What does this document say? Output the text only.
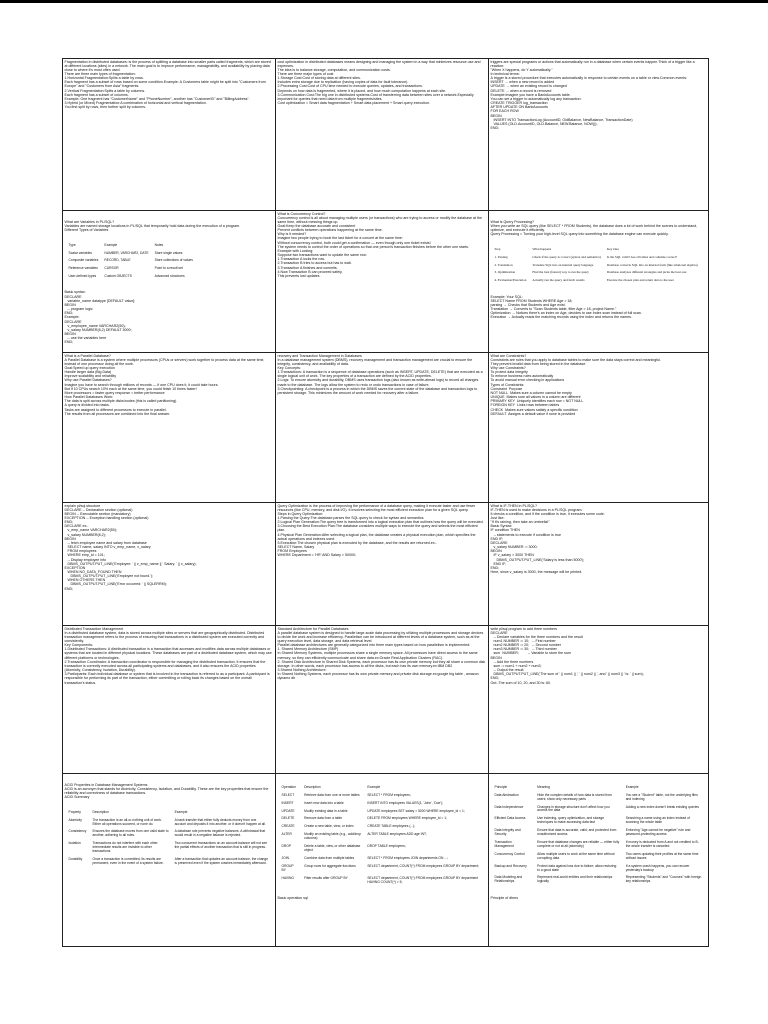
Fragmentation in distributed databases: is the process of splitting a database into smaller parts called fragments, which are stored at different locations (sites) in a network. The main goal is to improve performance, manageability, and availability by placing data close to where it's most often used.
There are three main types of fragmentation:
1.Horizontal Fragmentation:Splits a table by rows.
Each fragment has a subset of rows based on some condition.Example: A Customers table might be split into "Customers from Europe" and "Customers from Asia" fragments.
2.Vertical Fragmentation:Splits a table by columns.
Each fragment has a subset of columns.
Example: One fragment has "CustomerName" and "PhoneNumber", another has "CustomerID" and "BillingAddress".
3.Hybrid (or Mixed) Fragmentation:A combination of horizontal and vertical fragmentation.
You first split by rows, then further split by columns.

cost optimization in distributed databases means designing and managing the system in a way that minimizes resource use and expenses.
The idea is to balance storage, computation, and communication costs.
There are three major types of cost
1.Storage Cost:Cost of storing data at different sites.
Includes extra storage due to replication (having copies of data for fault tolerance).
2.Processing Cost:Cost of CPU time needed to execute queries, updates, and transactions.
Depends on how data is fragmented, where it is placed, and how much computation happens at each site.
3.Communication Cost:The big one in distributed systems.Cost of transferring data between sites over a network.Especially important for queries that need data from multiple fragments/sites.
Cost optimization = Smart data fragmentation + Smart data placement + Smart query execution.

triggers are special programs or actions that automatically run in a database when certain events happen.Think of a trigger like a reaction:
"When X happens, do Y automatically."
In technical terms:
A trigger is a stored procedure that executes automatically in response to certain events on a table or view.Common events:
INSERT → when a new record is added
UPDATE → when an existing record is changed
DELETE → when a record is removed
Example:Imagine you have a BankAccounts table.
You can set a trigger to automatically log any transaction:
CREATE TRIGGER log_transaction
AFTER UPDATE ON BankAccounts
FOR EACH ROW
BEGIN
INSERT INTO TransactionLog (AccountID, OldBalance, NewBalance, TransactionDate)
VALUES (OLD.AccountID, OLD.Balance, NEW.Balance, NOW());
END;

What are Variables in PL/SQL?
Variables are named storage locations in PL/SQL that temporarily hold data during the execution of a program.
Different Types of Variables

Type	Example	Notes
Scalar variables	NUMBER, VARCHAR2, DATE	Store single values
Composite variables	RECORD, TABLE	Store collections of values
Reference variables	CURSOR	Point to a result set
User-defined types	Custom OBJECTS	Advanced structures

Basic syntax:
DECLARE
variable_name datatype [DEFAULT value];
BEGIN
-- program logic
END;
Example:
DECLARE
v_employee_name VARCHAR2(50);
v_salary NUMBER(8,2) DEFAULT 5000;
BEGIN
-- use the variables here
END;

What is Concurrency Control?
Concurrency control is all about managing multiple users (or transactions) who are trying to access or modify the database at the same time, without messing things up.
Goal:Keep the database accurate and consistent
Prevent conflicts between operations happening at the same time.
Why is it needed?
Imagine two people trying to book the last ticket for a concert at the same time:
Without concurrency control, both could get a confirmation — even though only one ticket exists!
The system needs to control the order of operations so that one person's transaction finishes before the other one starts.
Example with Locking:
Suppose two transactions want to update the same row:
1.Transaction A locks the row.
2.Transaction B tries to access but has to wait.
3.Transaction A finishes and commits.
4.Now Transaction B can proceed safely.
This prevents lost updates.

What is Query Processing?
When you write an SQL query (like SELECT * FROM Students), the database does a lot of work behind the scenes to understand, optimize, and execute it efficiently.
Query Processing = Turning your high-level SQL query into something the database engine can execute quickly.

Step	What happens	Key idea
1. Parsing	Check if the query is correct (syntax and semantics)	Is the SQL valid? Are all tables and columns correct?
2. Translation	Translate SQL into an internal query language	Database converts SQL into an internal form (like relational algebra)
3. Optimization	Find the best (fastest) way to run the query	Database analyzes different strategies and picks the best one
4. Evaluation/Execution	Actually run the query and fetch results	Execute the chosen plan and return data to the user

Example: Your SQL:
SELECT Name FROM Students WHERE Age > 18;
parsing → Checks that Students and Age exist.
Translation → Converts to "Scan Students table, filter Age > 18, project Name."
Optimization → Notices there's an index on Age, decides to use Index scan instead of full scan.
Execution → Actually reads the matching records using the index and returns the names.

What is a Parallel Database?
A Parallel Database is a system where multiple processors (CPUs or servers) work together to process data at the same time, instead of one processor doing all the work.
Goal:Speed up query execution
Handle larger data (Big Data)
Improve scalability and reliability
Why use Parallel Databases?
Imagine you have to search through millions of records — if one CPU does it, it could take hours.
But if 10 CPUs search 10% each at the same time, you could finish 10 times faster!
More processors = faster query response = better performance
How Parallel Databases Work:
The data is split across multiple disks/nodes (this is called partitioning).
A query is divided into tasks.
Tasks are assigned to different processors to execute in parallel.
The results from all processors are combined into the final answer.

recovery and Transaction Management in Databases
In a database management system (DBMS), recovery management and transaction management are crucial to ensure the integrity, consistency, and availability of data.
Key Concepts:
1.Transactions: A transaction is a sequence of database operations (such as INSERT, UPDATE, DELETE) that are executed as a single logical unit of work. The key properties of a transaction are defined by the ACID properties.
2.Logs: To ensure atomicity and durability, DBMS uses transaction logs (also known as write-ahead logs) to record all changes made to the database. The logs allow the system to redo or undo transactions in case of failure.
3.Checkpointing: A checkpoint is a process in which the DBMS saves the current state of the database and transaction logs to persistent storage. This minimizes the amount of work needed for recovery after a failure.

What are Constraints?
Constraints are rules that you apply to database tables to make sure the data stays correct and meaningful.
They prevent invalid data from being stored in the database.
Why use Constraints?
To protect data integrity
To enforce business rules automatically
To avoid manual error checking in applications
Types of Constraints:
Constraint  Purpose
NOT NULL  Makes sure a column cannot be empty
UNIQUE  Makes sure all values in a column are different
PRIMARY KEY  Uniquely identifies each row = NOT NULL
FOREIGN KEY  Links rows between tables
CHECK  Makes sure values satisfy a specific condition
DEFAULT  Assigns a default value if none is provided

explain pl/sql structure
DECLARE -- Declaration section (optional)
BEGIN -- Executable section (mandatory)
EXCEPTION -- Exception handling section (optional)
END;
DECLARE ex:-
v_emp_name VARCHAR2(50);
v_salary NUMBER(8,2);
BEGIN
-- fetch employee name and salary from database
SELECT name, salary INTO v_emp_name, v_salary
FROM employees
WHERE emp_id = 101;
-- Display employee info
DBMS_OUTPUT.PUT_LINE('Employee: ' || v_emp_name || ' Salary: ' || v_salary);
EXCEPTION
WHEN NO_DATA_FOUND THEN
DBMS_OUTPUT.PUT_LINE('Employee not found.');
WHEN OTHERS THEN
DBMS_OUTPUT.PUT_LINE('Error occurred: ' || SQLERRM);
END;

Query Optimization is the process of improving the performance of a database query, making it execute faster and use fewer resources (like CPU, memory, and disk I/O). It involves selecting the most efficient execution plan for a given SQL query.
Steps in Query Optimization:
1.Parsing the Query:The database parses the SQL query to check for syntax and semantics.
2.Logical Plan Generation:The query tree is transformed into a logical execution plan that outlines how the query will be executed.
3.Choosing the Best Execution Plan:The database considers multiple ways to execute the query and selects the most efficient plan.
4.Physical Plan Generation:After selecting a logical plan, the database creates a physical execution plan, which specifies the actual operations and indexes used.
5.Execution:The chosen physical plan is executed by the database, and the results are returned.ex:-
SELECT Name, Salary
FROM Employees
WHERE Department = 'HR' AND Salary > 50000;

What is IF-THEN in PL/SQL?
IF-THEN is used to make decisions in a PL/SQL program.
It checks a condition, and if the condition is true, it executes some code.
Just like:
"If it's raining, then take an umbrella!"
Basic Syntax:
IF condition THEN
-- statements to execute if condition is true
END IF;
DECLARE
v_salary NUMBER := 3000;
BEGIN
IF v_salary > 3000 THEN
DBMS_OUTPUT.PUT_LINE('Salary is less than 5000');
END IF;
END;
Here, since v_salary is 3000, the message will be printed.

Distributed Transaction Management
In a distributed database system, data is stored across multiple sites or servers that are geographically distributed. Distributed transaction management refers to the process of ensuring that transactions in a distributed system are executed correctly and consistently.
Key Components:
1.Distributed Transactions: A distributed transaction is a transaction that accesses and modifies data across multiple databases or systems that are located in different physical locations. These databases are part of a distributed database system, which may use different platforms or technologies.
2.Transaction Coordinator: A transaction coordinator is responsible for managing the distributed transaction. It ensures that the transaction is correctly executed across all participating systems and databases, and it also ensures the ACID properties (Atomicity, Consistency, Isolation, Durability).
3.Participants: Each individual database or system that is involved in the transaction is referred to as a participant. A participant is responsible for performing its part of the transaction, either committing or rolling back its changes based on the overall transaction's status.

Standard Architecture for Parallel Databases
A parallel database system is designed to handle large-scale data processing by utilizing multiple processors and storage devices to divide the work and increase efficiency. Parallelism can be introduced at different levels of a database system, such as at the query execution level, data storage, and data retrieval level.
Parallel database architectures are generally categorized into three main types based on how parallelism is implemented:
1. Shared Memory Architecture (SMP)
In Shared Memory Systems, multiple processors share a single memory space. All processors have direct access to the same memory, so they can efficiently communicate and share data.ex:Oracle Real Application Clusters (RAC).
2. Shared Disk Architecture In Shared Disk Systems, each processor has its own private memory but they all share a common disk storage. In other words, each processor has access to all the disks, but each has its own memory.ex:IBM DB2
3.Shared Nothing Architecture:
In Shared Nothing Systems, each processor has its own private memory and private disk storage.ex:google big table , amazon dynamo db

write pl/sql program to add three numbers
DECLARE
-- Declare variables for the three numbers and the result
num1 NUMBER := 10;   -- First number
num2 NUMBER := 20;   -- Second number
num3 NUMBER := 30;   -- Third number
sum  NUMBER;         -- Variable to store the sum
BEGIN
-- Add the three numbers
sum := num1 + num2 + num3;
-- Output the result
DBMS_OUTPUT.PUT_LINE('The sum of ' || num1 || ', ' || num2 || ', and ' || num3 || ' is: ' || sum);
END;
Out:-The sum of 10, 20, and 30 is: 60.

ACID Properties in Database Management Systems
ACID is an acronym that stands for Atomicity, Consistency, Isolation, and Durability. These are the key properties that ensure the reliability and correctness of database transactions.
ACID Summary

Property	Description	Example
Atomicity	The transaction is an all-or-nothing unit of work. Either all operations succeed, or none do.	A bank transfer that either fully deducts money from one account and deposits it into another, or it doesn't happen at all.
Consistency	Ensures the database moves from one valid state to another, adhering to all rules.	A database rule prevents negative balances. A withdrawal that would result in a negative balance is rejected.
Isolation	Transactions do not interfere with each other. Intermediate results are invisible to other transactions.	Two concurrent transactions on an account balance will not see the partial effects of another transaction that is still in progress.
Durability	Once a transaction is committed, its results are permanent, even in the event of a system failure.	After a transaction that updates an account balance, the change is preserved even if the system crashes immediately afterward.

Operation	Description	Example
SELECT	Retrieve data from one or more tables	SELECT * FROM employees;
INSERT	Insert new data into a table	INSERT INTO employees VALUES(1, 'John', 'Doe');
UPDATE	Modify existing data in a table	UPDATE employees SET salary = 5000 WHERE employee_id = 1;
DELETE	Remove data from a table	DELETE FROM employees WHERE employee_id = 1;
CREATE	Create a new table, view, or index	CREATE TABLE employees (...);
ALTER	Modify an existing table (e.g., add/drop columns)	ALTER TABLE employees ADD age INT;
DROP	Delete a table, view, or other database object	DROP TABLE employees;
JOIN	Combine data from multiple tables	SELECT * FROM employees JOIN departments ON ...;
GROUP BY	Group rows for aggregate functions	SELECT department, COUNT(*) FROM employees GROUP BY department;
HAVING	Filter results after GROUP BY	SELECT department, COUNT(*) FROM employees GROUP BY department HAVING COUNT(*) > 5;

Basic operation sql

Principle	Meaning	Example
Data Abstraction	Hide the complex details of how data is stored from users; show only necessary parts	You see a "Student" table, not the underlying files and indexing
Data Independence	Changes in storage structure don't affect how you access the data	Adding a new index doesn't break existing queries
Efficient Data Access	Use indexing, query optimization, and storage techniques to make accessing data fast	Searching a name using an index instead of scanning the whole table
Data Integrity and Security	Ensure that data is accurate, valid, and protected from unauthorized access	Enforcing "Age cannot be negative" rule and password-protecting access
Transaction Management	Ensure that database changes are reliable — either fully complete or not at all (atomicity)	If money is deducted from A and not credited to B, the whole transfer is canceled
Concurrency Control	Allow multiple users to work at the same time without corrupting data	Two users updating their profiles at the same time without issues
Backup and Recovery	Protect data against loss due to failure; allow restoring to a good state	If a system crash happens, you can recover yesterday's backup
Data Modeling and Relationships	Represent real-world entities and their relationships logically	Representing "Students" and "Courses" with foreign key relationships

Principle of dbms
